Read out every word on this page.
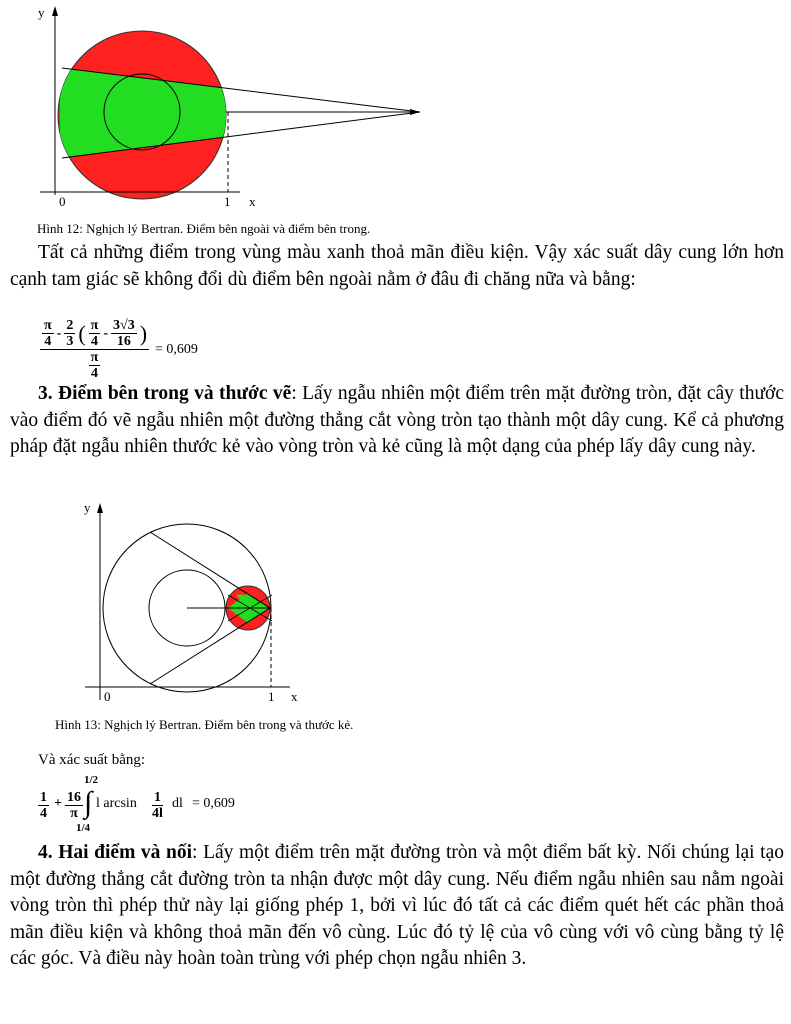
y
x
0	1
Hình 12: Nghịch lý Bertran. Điểm bên ngoài và điểm bên trong.

Tất cả những điểm trong vùng màu xanh thoả mãn điều kiện. Vậy xác suất dây cung lớn hơn cạnh tam giác sẽ không đổi dù điểm bên ngoài nằm ở đâu đi chăng nữa và bằng:

$\frac{\pi}{4} - \frac{2}{3}$ ( $\frac{\pi}{4} - \frac{3√3}{16}$ )
$\frac{\pi}{4}$
= 0,609

3. Điểm bên trong và thước vẽ: Lấy ngẫu nhiên một điểm trên mặt đường tròn, đặt cây thước vào điểm đó vẽ ngẫu nhiên một đường thẳng cắt vòng tròn tạo thành một dây cung. Kể cả phương pháp đặt ngẫu nhiên thước kẻ vào vòng tròn và kẻ cũng là một dạng của phép lấy dây cung này.

y
x
0	1
Hình 13: Nghịch lý Bertran. Điểm bên trong và thước kẻ.
Và xác suất bằng:
$\frac{1}{4} + \frac{16}{\pi}$ ∫
1/2
1/4
l $\arcsin \frac{1}{4l}$ dl = 0,609

4. Hai điểm và nối: Lấy một điểm trên mặt đường tròn và một điểm bất kỳ. Nối chúng lại tạo một đường thẳng cắt đường tròn ta nhận được một dây cung. Nếu điểm ngẫu nhiên sau nằm ngoài vòng tròn thì phép thử này lại giống phép 1, bởi vì lúc đó tất cả các điểm quét hết các phần thoả mãn điều kiện và không thoả mãn đến vô cùng. Lúc đó tỷ lệ của vô cùng với vô cùng bằng tỷ lệ các góc. Và điều này hoàn toàn trùng với phép chọn ngẫu nhiên 3.
